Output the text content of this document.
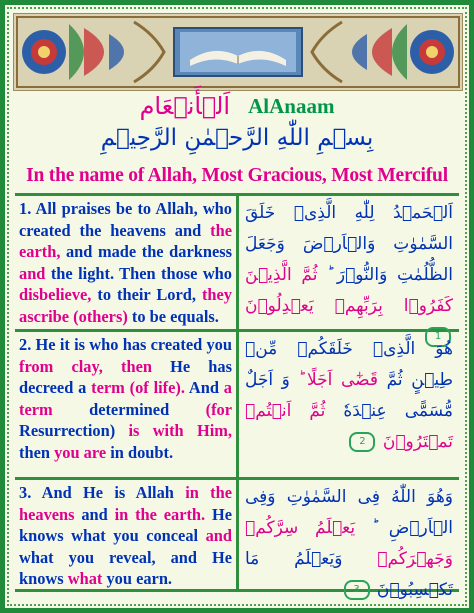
اَلۡأَنۡعَام AlAnaam
بِسۡمِ اللّٰهِ الرَّحۡمٰنِ الرَّحِيۡمِ
In the name of Allah, Most Gracious, Most Merciful
1. All praises be to Allah, who created the heavens and the earth, and made the darkness and the light. Then those who disbelieve, to their Lord, they ascribe (others) to be equals.
اَلۡحَمۡدُ لِلّٰهِ الَّذِىۡ خَلَقَ السَّمٰوٰتِ وَالۡاَرۡضَ وَجَعَلَ الظُّلُمٰتِ وَالنُّوۡرَ ؕ ثُمَّ الَّذِيۡنَ كَفَرُوۡا بِرَبِّهِمۡ يَعۡدِلُوۡنَ 1
2. He it is who has created you from clay, then He has decreed a term (of life). And a term determined (for Resurrection) is with Him, then you are in doubt.
هُوَ الَّذِىۡ خَلَقَكُمۡ مِّنۡ طِيۡنٍ ثُمَّ قَضٰٓى اَجَلًا ؕ وَ اَجَلٌ مُّسَمًّى عِنۡدَهٗ ثُمَّ اَنۡتُمۡ تَمۡتَرُوۡنَ 2
3. And He is Allah in the heavens and in the earth. He knows what you conceal and what you reveal, and He knows what you earn.
وَهُوَ اللّٰهُ فِى السَّمٰوٰتِ وَفِى الۡاَرۡضِ ؕ يَعۡلَمُ سِرَّكُمۡ وَجَهۡرَكُمۡ وَيَعۡلَمُ مَا تَكۡسِبُوۡنَ 3
